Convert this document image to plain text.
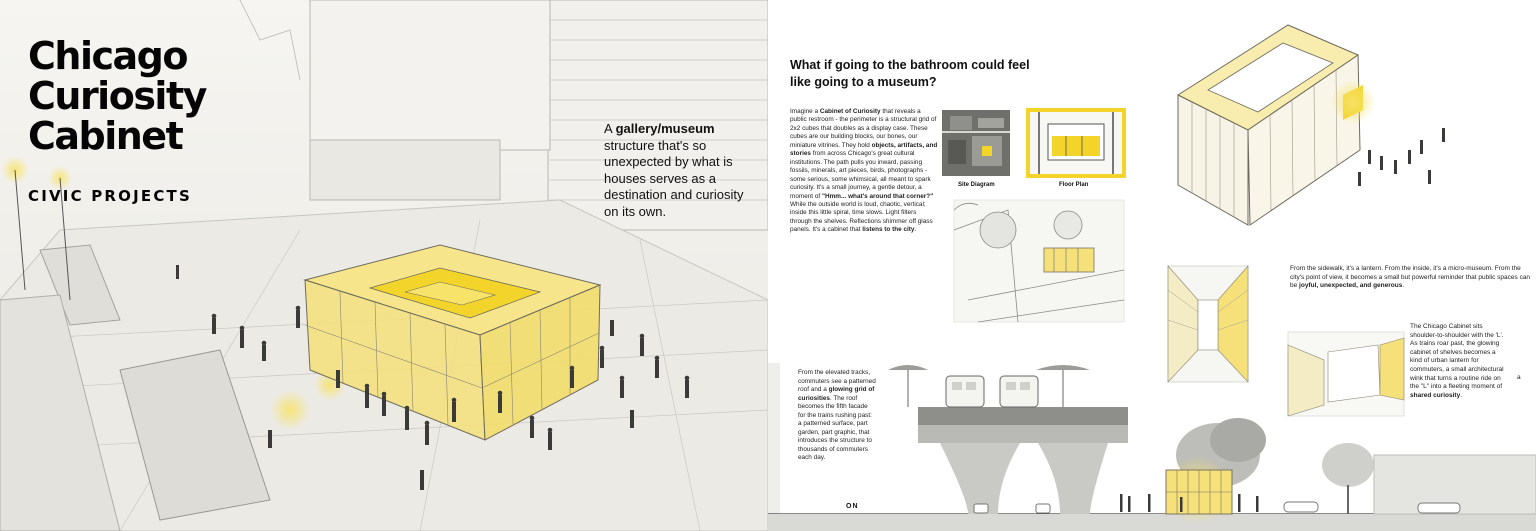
Chicago
Curiosity
Cabinet
CIVIC PROJECTS
A gallery/museum structure that's so unexpected by what is houses serves as a destination and curiosity on its own.
What if going to the bathroom could feel like going to a museum?
Imagine a Cabinet of Curiosity that reveals a public restroom - the perimeter is a structural grid of 2x2 cubes that doubles as a display case. These cubes are our building blocks, our bones, our miniature vitrines. They hold objects, artifacts, and stories from across Chicago's great cultural institutions. The path pulls you inward, passing fossils, minerals, art pieces, birds, photographs - some serious, some whimsical, all meant to spark curiosity. It's a small journey, a gentle detour, a moment of "Hmm... what's around that corner?" While the outside world is loud, chaotic, vertical; inside this little spiral, time slows. Light filters through the shelves. Reflections shimmer off glass panels. It's a cabinet that listens to the city.
Site Diagram	Floor Plan
From the sidewalk, it's a lantern. From the inside, it's a micro-museum. From the city's point of view, it becomes a small but powerful reminder that public spaces can be joyful, unexpected, and generous.
The Chicago Cabinet sits shoulder-to-shoulder with the 'L'. As trains roar past, the glowing cabinet of shelves becomes a kind of urban lantern for commuters, a small architectural wink that turns a routine ride on the "L" into a fleeting moment of shared curiosity.
a
From the elevated tracks, commuters see a patterned roof and a glowing grid of curiosities. The roof becomes the fifth facade for the trains rushing past: a patterned surface, part garden, part graphic, that introduces the structure to thousands of commuters each day.
ON
